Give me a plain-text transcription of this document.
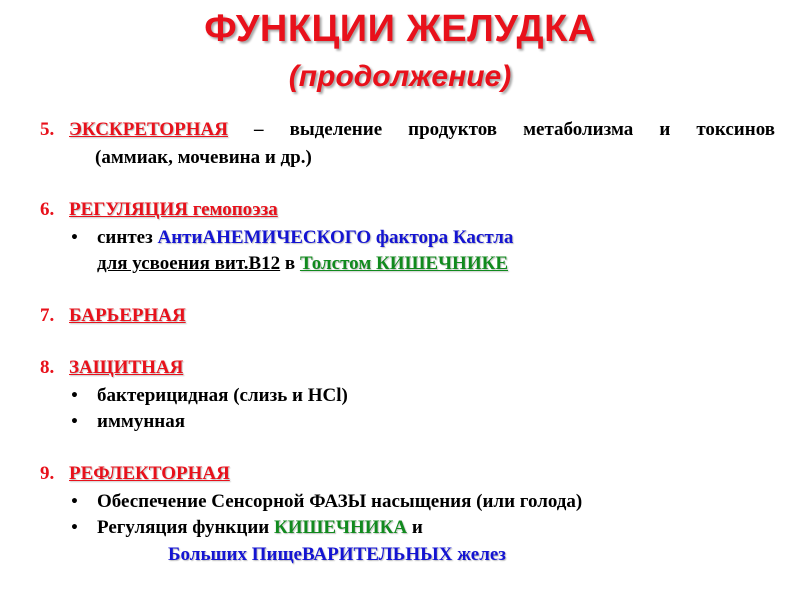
ФУНКЦИИ ЖЕЛУДКА
(продолжение)
5. ЭКСКРЕТОРНАЯ – выделение продуктов метаболизма и токсинов
(аммиак, мочевина и др.)
6. РЕГУЛЯЦИЯ гемопоэза
• синтез АнтиАНЕМИЧЕСКОГО фактора Кастла
для усвоения вит.В12 в Толстом КИШЕЧНИКЕ
7. БАРЬЕРНАЯ
8. ЗАЩИТНАЯ
• бактерицидная (слизь и HCl)
• иммунная
9. РЕФЛЕКТОРНАЯ
• Обеспечение Сенсорной ФАЗЫ насыщения (или голода)
• Регуляция функции КИШЕЧНИКА и
Больших ПищеВАРИТЕЛЬНЫХ желез
